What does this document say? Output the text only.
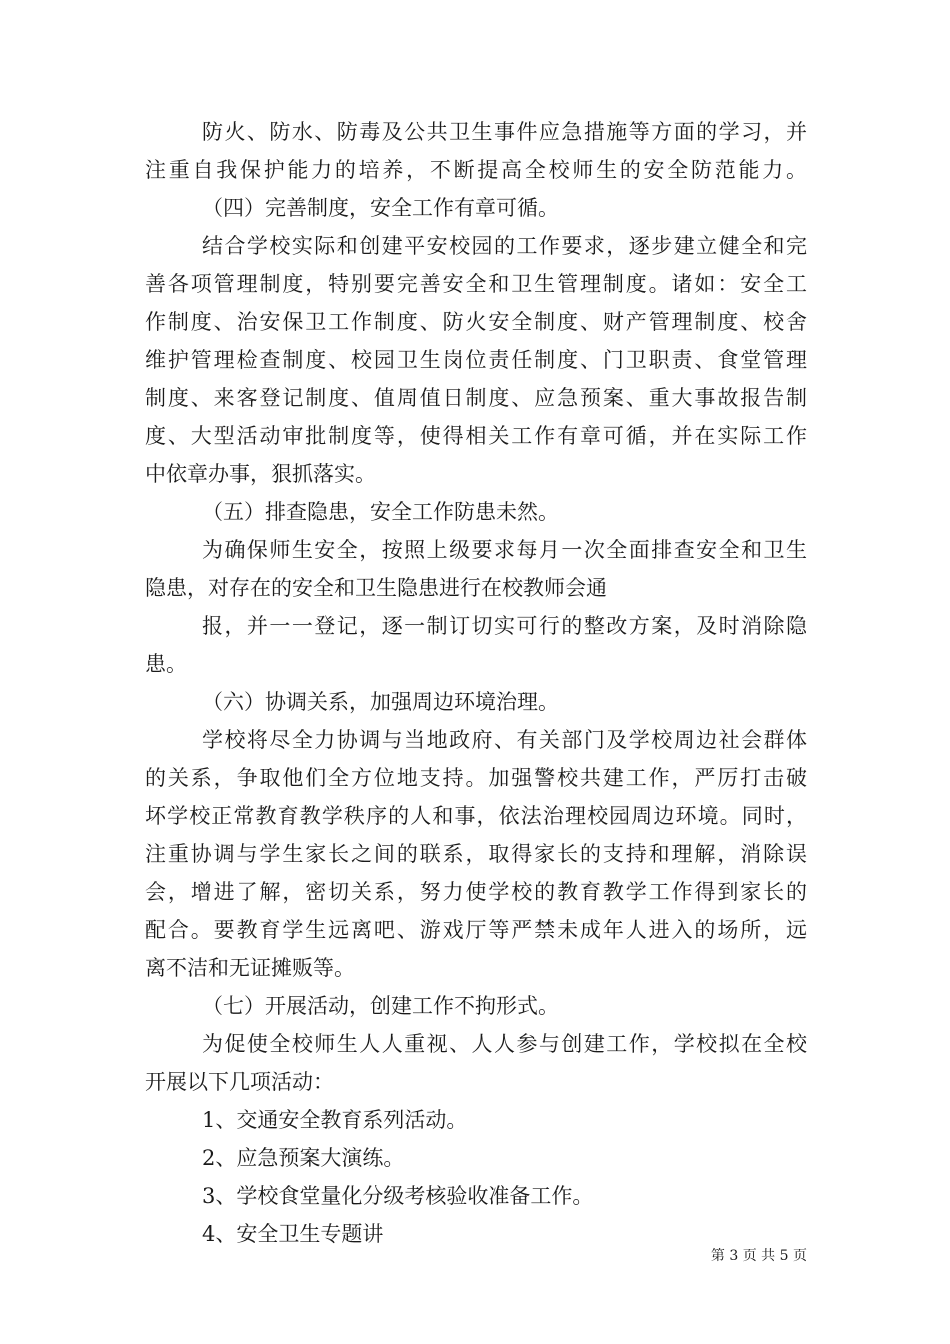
防火、防水、防毒及公共卫生事件应急措施等方面的学习，并
注重自我保护能力的培养，不断提高全校师生的安全防范能力。
（四）完善制度，安全工作有章可循。
结合学校实际和创建平安校园的工作要求，逐步建立健全和完
善各项管理制度，特别要完善安全和卫生管理制度。诸如：安全工
作制度、治安保卫工作制度、防火安全制度、财产管理制度、校舍
维护管理检查制度、校园卫生岗位责任制度、门卫职责、食堂管理
制度、来客登记制度、值周值日制度、应急预案、重大事故报告制
度、大型活动审批制度等，使得相关工作有章可循，并在实际工作
中依章办事，狠抓落实。
（五）排查隐患，安全工作防患未然。
为确保师生安全，按照上级要求每月一次全面排查安全和卫生
隐患，对存在的安全和卫生隐患进行在校教师会通
报，并一一登记，逐一制订切实可行的整改方案，及时消除隐
患。
（六）协调关系，加强周边环境治理。
学校将尽全力协调与当地政府、有关部门及学校周边社会群体
的关系，争取他们全方位地支持。加强警校共建工作，严厉打击破
坏学校正常教育教学秩序的人和事，依法治理校园周边环境。同时，
注重协调与学生家长之间的联系，取得家长的支持和理解，消除误
会，增进了解，密切关系，努力使学校的教育教学工作得到家长的
配合。要教育学生远离吧、游戏厅等严禁未成年人进入的场所，远
离不洁和无证摊贩等。
（七）开展活动，创建工作不拘形式。
为促使全校师生人人重视、人人参与创建工作，学校拟在全校
开展以下几项活动：
1、交通安全教育系列活动。
2、应急预案大演练。
3、学校食堂量化分级考核验收准备工作。
4、安全卫生专题讲
第 3 页 共 5 页
